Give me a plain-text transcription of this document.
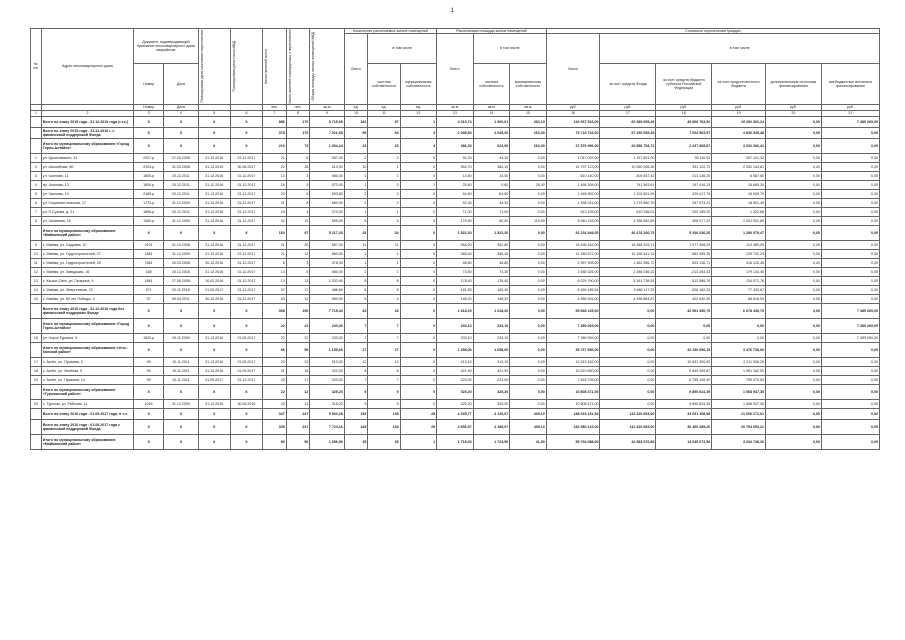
1
№ п/п	Адрес многоквартирного дома	Документ, подтверждающий признание многоквартирного дома аварийным		Планируемая дата окончания переселения	Планируемая дата сноса МКД	Число жителей всего	Число жителей планируемых к переселению	Общая площадь жилых помещений МКД	Количество расселяемых жилых помещений			Расселяемая площадь жилых помещений			Стоимость переселения граждан					
									Всего	в том числе		Всего	в том числе		Всего	в том числе				
		Номер	Дата							частная собственность	муниципальная собственность		частная собственность	муниципальная собственность		за счет средств Фонда	за счет средств бюджета субъекта Российской Федерации	за счет средств местного бюджета	дополнительные источники финансирования	внебюджетные источники финансирования
		Номер	Дата			чел.	чел.	кв.м	ед.	ед.	ед.	кв.м	кв.м	кв.м	руб.	руб.	руб.	руб.	руб.	руб.
1	2	3	4	5	6	7	8	9	10	11	12	13	14	15	16	17	18	19	20	21
	Всего по этапу 2015 года - 31.12.2016 года (г.т.к.)	X	X	X	X	886	170	5 715,68	182	97	1	4 313,74	1 660,61	363,10	134 937 516,00	60 389 535,49	49 809 763,52	19 492 302,24	0,00	7 389 269,00
	Всего по этапу 2015 года - 31.12.2016 г. с финансовой поддержкой Фонда	X	X	X	X	378	170	7 011,68	59	54	3	2 308,50	2 045,20	263,30	79 718 744,00	57 290 535,49	7 004 563,57	4 846 345,48	0,00	0,00
	Итого по муниципальному образованию «Город Горно-Алтайск»	X	X	X	X	210	73	1 904,24	23	26	3	486,30	623,00	263,30	27 576 996,00	20 856 754,72	2 237 968,87	3 032 266,41	0,00	0,00
1	ул. Циолковского, 41	2207-р	27.03.2008	31.12.2016	31.12.2017	21	8	387,00	2	2	0	94,30	44,30	0,00	1 047 097,00	1 157 801,00	99 110,03	397 121,32	0,00	0,00
2	ул. Шоссейная, 60	2204-р	31.03.2008	31.12.2015	30.06.2017	22	28	513,00	10	1	0	554,70	384,10	0,00	14 797 123,00	10 050 006,30	391 122,72	2 052 144,81	0,00	0,00
3	ул. Чкалова, 11	1805-р	20.12.2011	31.12.2016	31.12.2017	13	3	460,00	1	1	0	14,60	14,00	0,00	610 140,00	-400 837,42	213 136,20	6 587,60	0,00	0,00
4	пр. Чкалова, 13	1809-р	20.12.2011	31.12.2016	31.12.2017	16	5	572,00	1	0	1	25,60	0,60	25,40	1 458 309,00	741 563,61	197 416,13	16 685,20	0,00	0,00
5	ул. Чкалова, 19	2189-р	20.12.2011	31.12.2016	31.12.2017	23	5	593,80	2	2	0	64,60	64,60	0,00	1 448 952,00	1 202 801,99	329 417,79	16 639,79	0,00	0,00
6	ул. Социалистическая, 17	1773-р	31.12.2009	31.12.2016	31.12.2017	21	8	660,00	2	2	0	44,30	44,30	0,00	1 538 241,00	1 273 560,70	257 574,23	18 501,49	0,00	0,00
7	ул. П.Сухова, д. 21	1896-р	30.12.2011	31.12.2016	31.12.2017	24	4	374,00	1	1	0	71,00	71,00	0,00	913 199,00	610 336,01	202 185,20	1 322,66	0,00	0,00
8	ул. Заливная, 16	1560-р	31.12.2009	31.12.2016	31.12.2017	42	13	555,09	5	4	0	175,90	60,00	115,90	5 940 133,00	4 356 652,89	306 677,22	1 002 931,60	0,00	0,00
	Итого по муниципальному образованию «Майминский район»	X	X	X	X	160	97	5 117,43	34	34	0	1 522,20	1 522,20	0,00	52 134 948,00	46 478 166,73	5 206 636,26	1 290 075,47	0,00	0,00
9	с. Майма, ул. Садовая, 10	2101	01.10.2008	31.12.2016	31.12.2017	21	30	657,00	11	11	0	554,20	552,80	0,00	16 496 162,00	16 385 329,71	1 077 498,29	113 489,09	0,00	0,00
10	с. Майма, ул. Гидростроителей, 27	1861	31.12.2009	31.12.2016	31.12.2017	21	13	860,00	1	1	0	365,40	365,40	0,00	11 280 672,00	10 198 441,13	862 495,35	129 732,24	0,00	0,00
11	с. Майма, ул. Гидростроителей, 28	7861	20.03.2008	30.12.2016	31.12.2017	6	3	378,30	1	1	0	48,80	48,80	0,00	2 957 908,00	1 482 556,72	603 136,71	416 126,46	0,00	0,00
12	с. Майма, ул. Заводская, 16	438	20.12.2016	31.12.2016	31.12.2017	14	5	460,00	2	1	0	73,50	73,30	0,00	2 485 326,00	2 286 036,22	-213 264,43	179 134,45	0,00	0,00
13	с. Кызыл-Озек, ул. Гагарина, 4	1861	27.06.2008	10.02.2016	31.12.2017	13	13	1 332,90	6	6	0	178,40	178,40	0,00	6 029 790,00	5 161 738,93	512 586,79	134 071,76	0,00	0,00
14	с. Майма, ул. Энергетиков, 22	471	20.11.2016	01.09.2017	31.12.2017	37	17	486,60	6	6	0	181,50	183,40	0,00	6 289 185,54	5 680 117,25	-526 182,33	77 433,67	0,00	0,00
15	с. Майма, ул. 50 лет Победы, 3	57	09.04.2011	30.12.2016	31.12.2017	43	12	960,00	5	4	0	148,20	148,20	0,00	4 985 391,00	4 496 864,87	422 630,30	66 816,09	0,00	0,00
	Всего по этапу 2015 года - 31.12.2016 года без финансовой поддержки Фонда	X	X	X	X	308	190	7 715,44	43	43	0	1 618,20	1 618,20	0,00	59 668 125,00	0,00	42 951 450,79	6 678 446,75	0,00	7 389 269,00
	Итого по муниципальному образованию «Город Горно-Алтайск»	X	X	X	X	22	22	233,00	7	7	0	233,10	233,10	0,00	7 389 269,00	0,00	0,00	0,00	0,00	7 389 269,00
16	ул. Чорос-Гуркина, 9	1520-р	26.11.2009	31.12.2016	01.09.2017	22	22	233,00	7	7	0	233,10	233,10	0,00	7 389 269,00	0,00	0,00	0,00	0,00	7 389 269,00
	Итого по муниципальному образованию «Усть-Канский район»	X	X	X	X	66	56	1 155,60	27	27	0	1 058,00	1 058,00	0,00	35 767 596,00	0,00	32 290 656,19	3 476 739,66	0,00	0,00
17	с. Актёл, ул. Пушкина, 9	99	10.11.2011	31.12.2016	01.09.2017	23	23	513,00	12	12	0	413,10	413,10	0,00	13 243 162,00	0,00	10 631 300,92	2 211 536,25	0,00	0,00
18	с. Актёл, ул. Зелёная, 5	99	10.11.2011	31.12.2016	01.09.2017	21	16	322,00	8	8	0	421,90	421,90	0,00	10 510 650,00	0,00	9 849 305,87	1 061 162,00	0,00	0,00
19	с. Актёл, ул. Пушкина, 14	99	10.11.2011	01.09.2017	31.12.2017	22	17	320,00	7	7	0	223,00	223,00	0,00	7 518 239,00	0,00	6 759 149,40	759 470,83	0,00	0,00
	Итого по муниципальному образованию «Турочакский район»	X	X	X	X	22	12	329,20	9	9	0	325,20	325,20	0,00	10 808 471,00	0,00	9 890 624,39	1 068 947,35	0,00	0,00
20	с. Турочак, ул. Рабочая, 11	1094	31.12.2009	31.12.2015	30.06.2016	22	12	315,20	9	9	0	325,20	325,20	0,00	10 808 471,00	0,00	9 890 624,39	1 068 947,35	0,00	0,00
	Всего по этапу 2016 года - 01.09.2017 года, в т.ч.	X	X	X	X	347	247	5 563,28	153	138	25	4 335,77	4 126,07	409,10	188 018 151,54	113 320 833,00	33 631 108,58	21 066 171,61	0,00	0,00
	Всего по этапу 2016 года - 01.09.2017 года с финансовой поддержкой Фонда	X	X	X	X	339	237	7 724,16	149	136	25	4 656,57	4 185,07	409,10	182 980 122,00	112 320 833,00	30 469 289,20	20 794 053,21	0,00	0,00
	Итого по муниципальному образованию «Майминский район»	X	X	X	X	80	90	1 656,99	35	35	1	1 718,00	1 723,50	41,50	59 794 088,00	42 583 076,89	13 035 072,56	3 234 738,26	0,00	0,00
